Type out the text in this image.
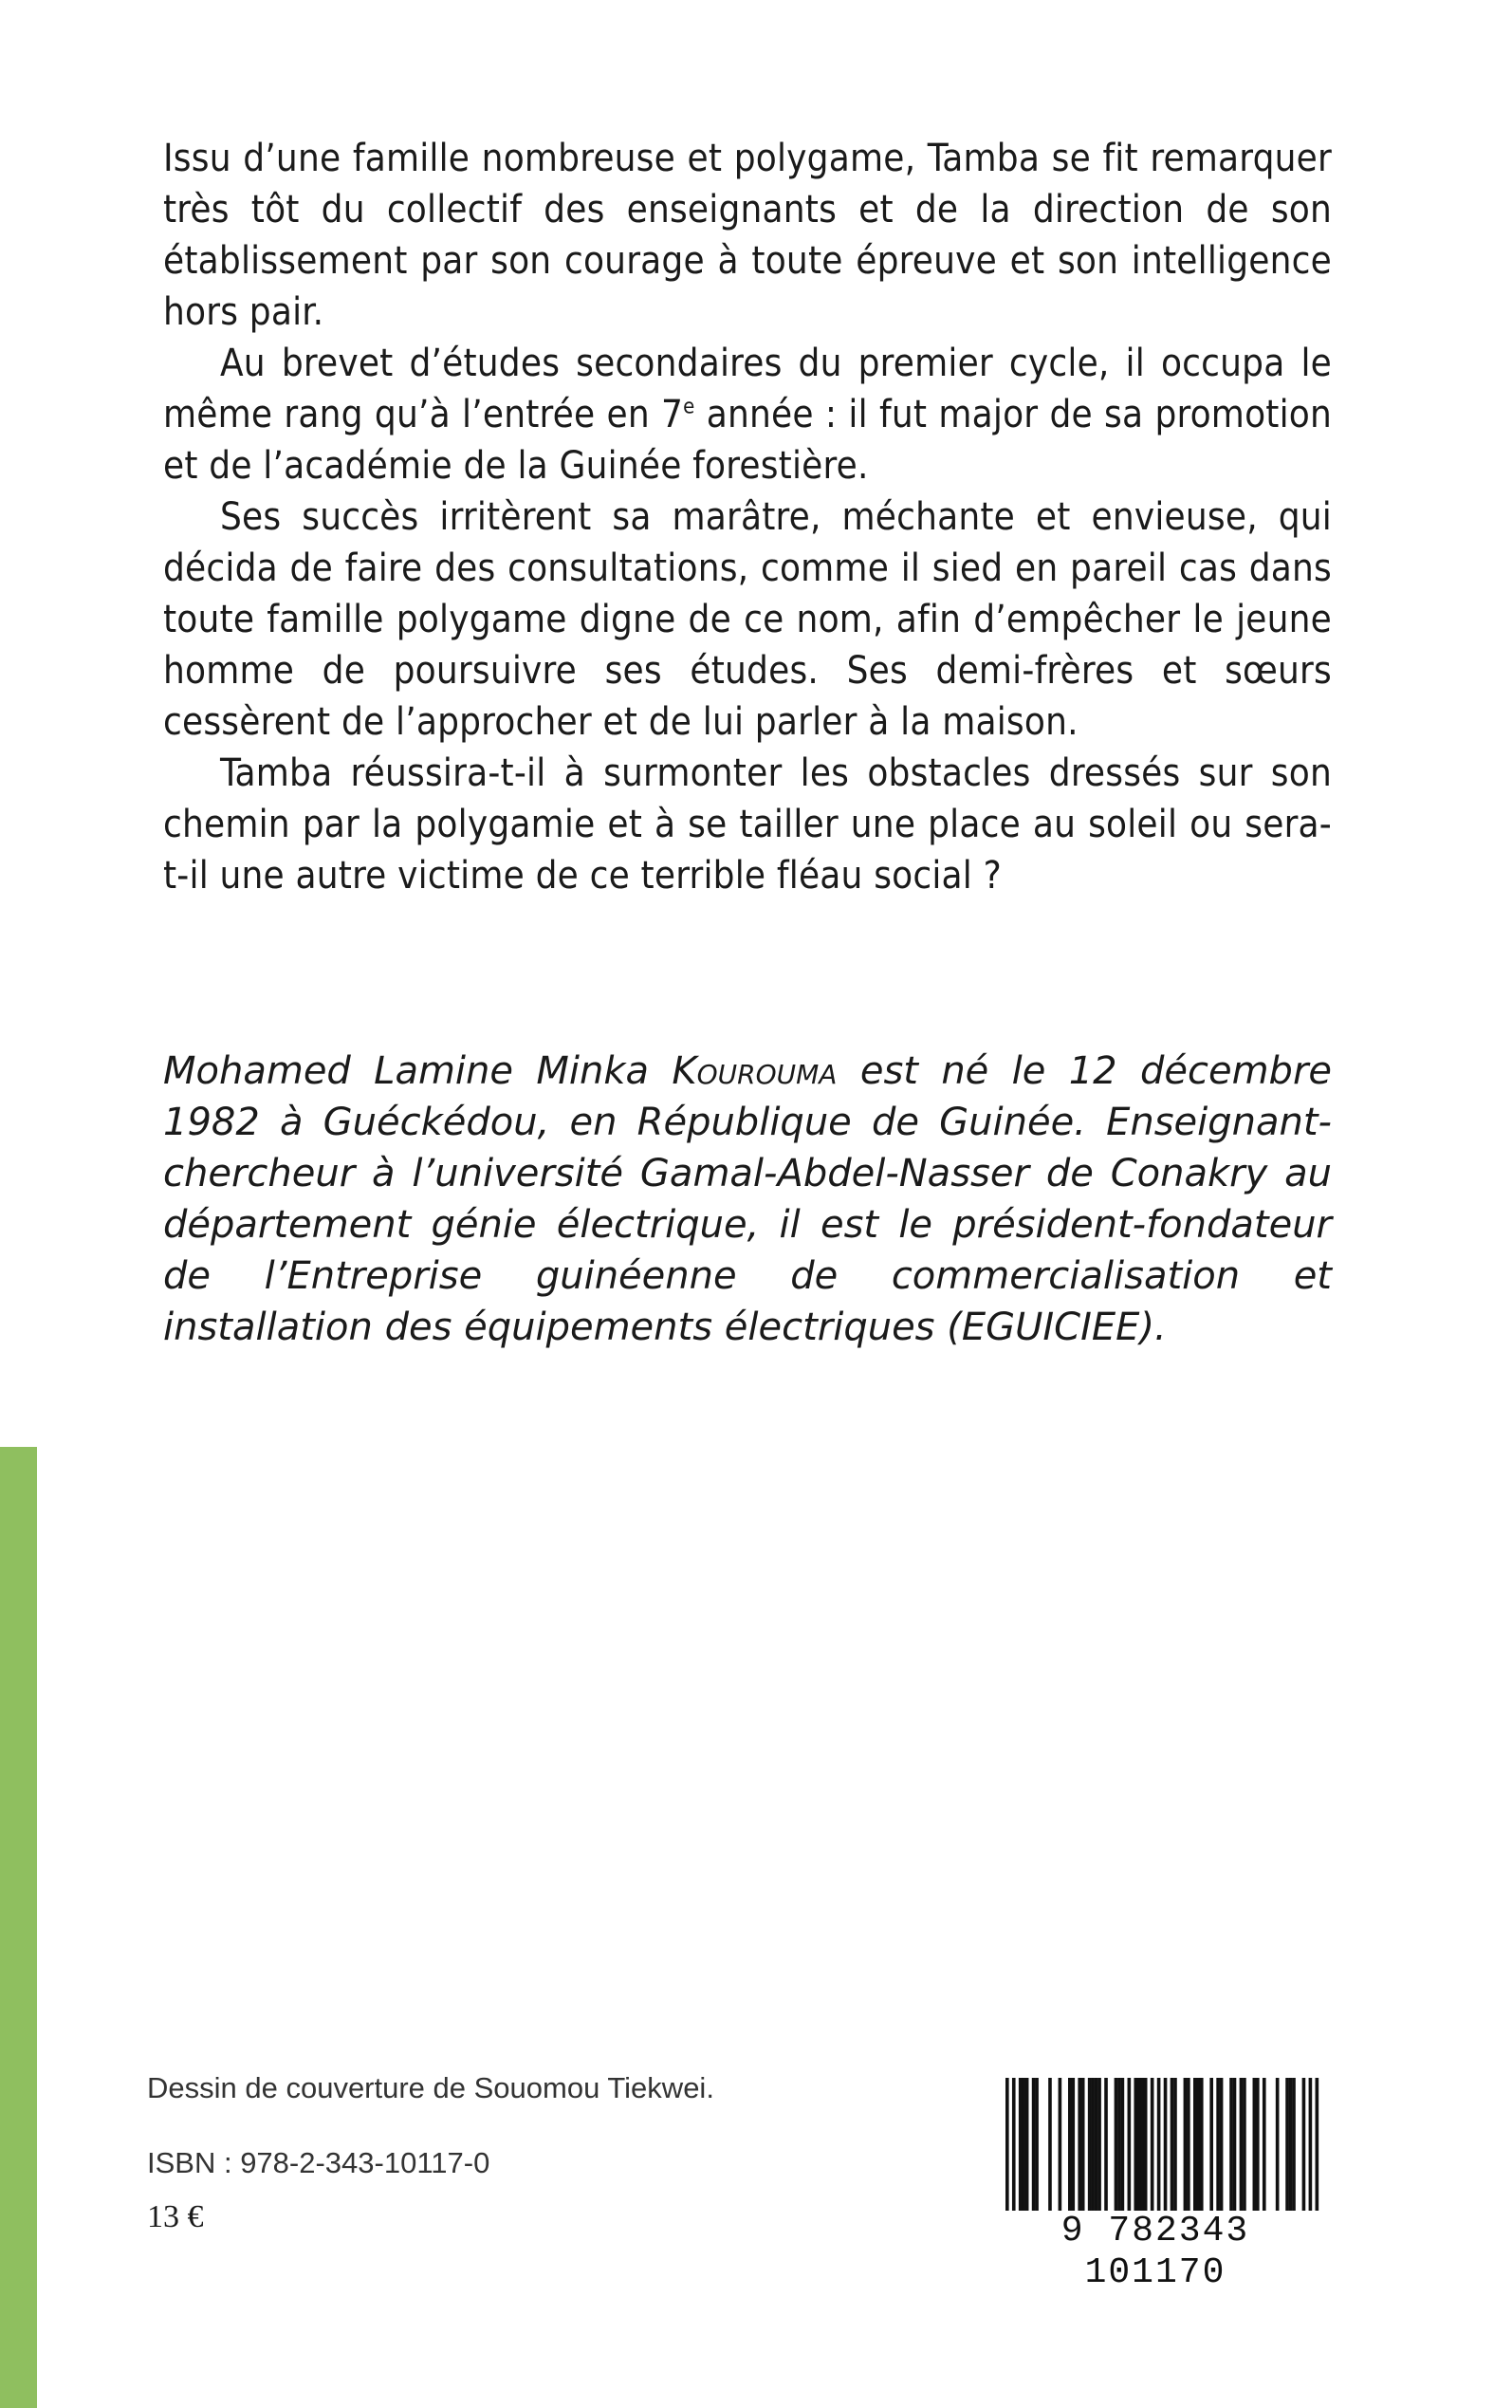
Issu d’une famille nombreuse et polygame, Tamba se fit remarquer très tôt du collectif des enseignants et de la direction de son établissement par son courage à toute épreuve et son intelligence hors pair.

Au brevet d’études secondaires du premier cycle, il occupa le même rang qu’à l’entrée en 7e année : il fut major de sa promotion et de l’académie de la Guinée forestière.

Ses succès irritèrent sa marâtre, méchante et envieuse, qui décida de faire des consultations, comme il sied en pareil cas dans toute famille polygame digne de ce nom, afin d’empêcher le jeune homme de poursuivre ses études. Ses demi-frères et sœurs cessèrent de l’approcher et de lui parler à la maison.

Tamba réussira-t-il à surmonter les obstacles dressés sur son chemin par la polygamie et à se tailler une place au soleil ou sera-t-il une autre victime de ce terrible fléau social ?

Mohamed Lamine Minka Kourouma est né le 12 décembre 1982 à Guéckédou, en République de Guinée. Enseignant-chercheur à l’université Gamal-Abdel-Nasser de Conakry au département génie électrique, il est le président-fondateur de l’Entreprise guinéenne de commercialisation et installation des équipements électriques (EGUICIEE).

Dessin de couverture de Souomou Tiekwei.
ISBN : 978-2-343-10117-0
13 €	9 782343 101170
